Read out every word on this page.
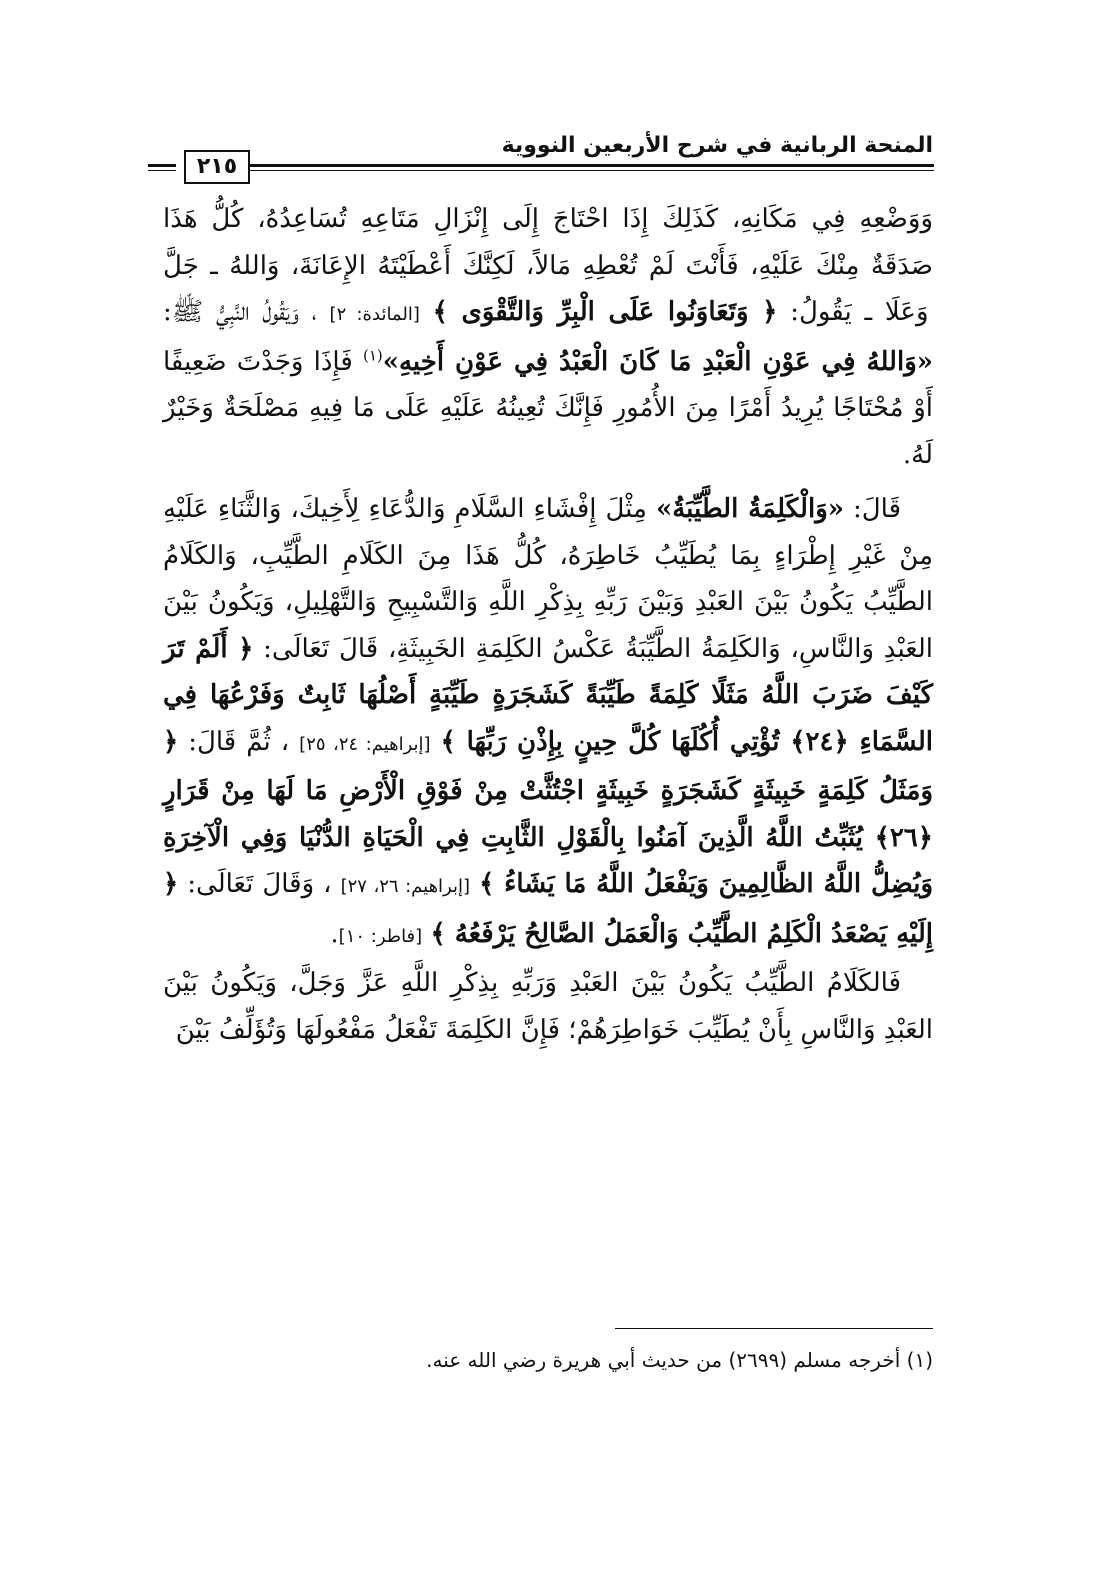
المنحة الربانية في شرح الأربعين النووية
٢١٥

وَوَضْعِهِ فِي مَكَانِهِ، كَذَلِكَ إِذَا احْتَاجَ إِلَى إِنْزَالِ مَتَاعِهِ تُسَاعِدُهُ، كُلُّ هَذَا صَدَقَةٌ مِنْكَ عَلَيْهِ، فَأَنْتَ لَمْ تُعْطِهِ مَالاً، لَكِنَّكَ أَعْطَيْتَهُ الإِعَانَةَ، وَاللهُ ـ جَلَّ وَعَلَا ـ يَقُولُ: ﴿ وَتَعَاوَنُوا عَلَى الْبِرِّ وَالتَّقْوَى ﴾ [المائدة: ٢] ، وَيَقُولُ النَّبِيُّ ﷺ: «وَاللهُ فِي عَوْنِ الْعَبْدِ مَا كَانَ الْعَبْدُ فِي عَوْنِ أَخِيهِ»$^{(١)}$ فَإِذَا وَجَدْتَ ضَعِيفًا أَوْ مُحْتَاجًا يُرِيدُ أَمْرًا مِنَ الأُمُورِ فَإِنَّكَ تُعِينُهُ عَلَيْهِ عَلَى مَا فِيهِ مَصْلَحَةٌ وَخَيْرٌ لَهُ.

قَالَ: «وَالْكَلِمَةُ الطَّيِّبَةُ» مِثْلَ إِفْشَاءِ السَّلَامِ وَالدُّعَاءِ لِأَخِيكَ، وَالثَّنَاءِ عَلَيْهِ مِنْ غَيْرِ إِطْرَاءٍ بِمَا يُطَيِّبُ خَاطِرَهُ، كُلُّ هَذَا مِنَ الكَلَامِ الطَّيِّبِ، وَالكَلَامُ الطَّيِّبُ يَكُونُ بَيْنَ العَبْدِ وَبَيْنَ رَبِّهِ بِذِكْرِ اللَّهِ وَالتَّسْبِيحِ وَالتَّهْلِيلِ، وَيَكُونُ بَيْنَ العَبْدِ وَالنَّاسِ، وَالكَلِمَةُ الطَّيِّبَةُ عَكْسُ الكَلِمَةِ الخَبِيثَةِ، قَالَ تَعَالَى: ﴿ أَلَمْ تَرَ كَيْفَ ضَرَبَ اللَّهُ مَثَلًا كَلِمَةً طَيِّبَةً كَشَجَرَةٍ طَيِّبَةٍ أَصْلُهَا ثَابِتٌ وَفَرْعُهَا فِي السَّمَاءِ ﴿٢٤﴾ تُؤْتِي أُكُلَهَا كُلَّ حِينٍ بِإِذْنِ رَبِّهَا ﴾ [إبراهيم: ٢٤، ٢٥] ، ثُمَّ قَالَ: ﴿ وَمَثَلُ كَلِمَةٍ خَبِيثَةٍ كَشَجَرَةٍ خَبِيثَةٍ اجْتُثَّتْ مِنْ فَوْقِ الْأَرْضِ مَا لَهَا مِنْ قَرَارٍ ﴿٢٦﴾ يُثَبِّتُ اللَّهُ الَّذِينَ آمَنُوا بِالْقَوْلِ الثَّابِتِ فِي الْحَيَاةِ الدُّنْيَا وَفِي الْآخِرَةِ وَيُضِلُّ اللَّهُ الظَّالِمِينَ وَيَفْعَلُ اللَّهُ مَا يَشَاءُ ﴾ [إبراهيم: ٢٦، ٢٧] ، وَقَالَ تَعَالَى: ﴿ إِلَيْهِ يَصْعَدُ الْكَلِمُ الطَّيِّبُ وَالْعَمَلُ الصَّالِحُ يَرْفَعُهُ ﴾ [فاطر: ١٠].

فَالكَلَامُ الطَّيِّبُ يَكُونُ بَيْنَ العَبْدِ وَرَبِّهِ بِذِكْرِ اللَّهِ عَزَّ وَجَلَّ، وَيَكُونُ بَيْنَ العَبْدِ وَالنَّاسِ بِأَنْ يُطَيِّبَ خَوَاطِرَهُمْ؛ فَإِنَّ الكَلِمَةَ تَفْعَلُ مَفْعُولَهَا وَتُؤَلِّفُ بَيْنَ

(١) أخرجه مسلم (٢٦٩٩) من حديث أبي هريرة رضي الله عنه.
